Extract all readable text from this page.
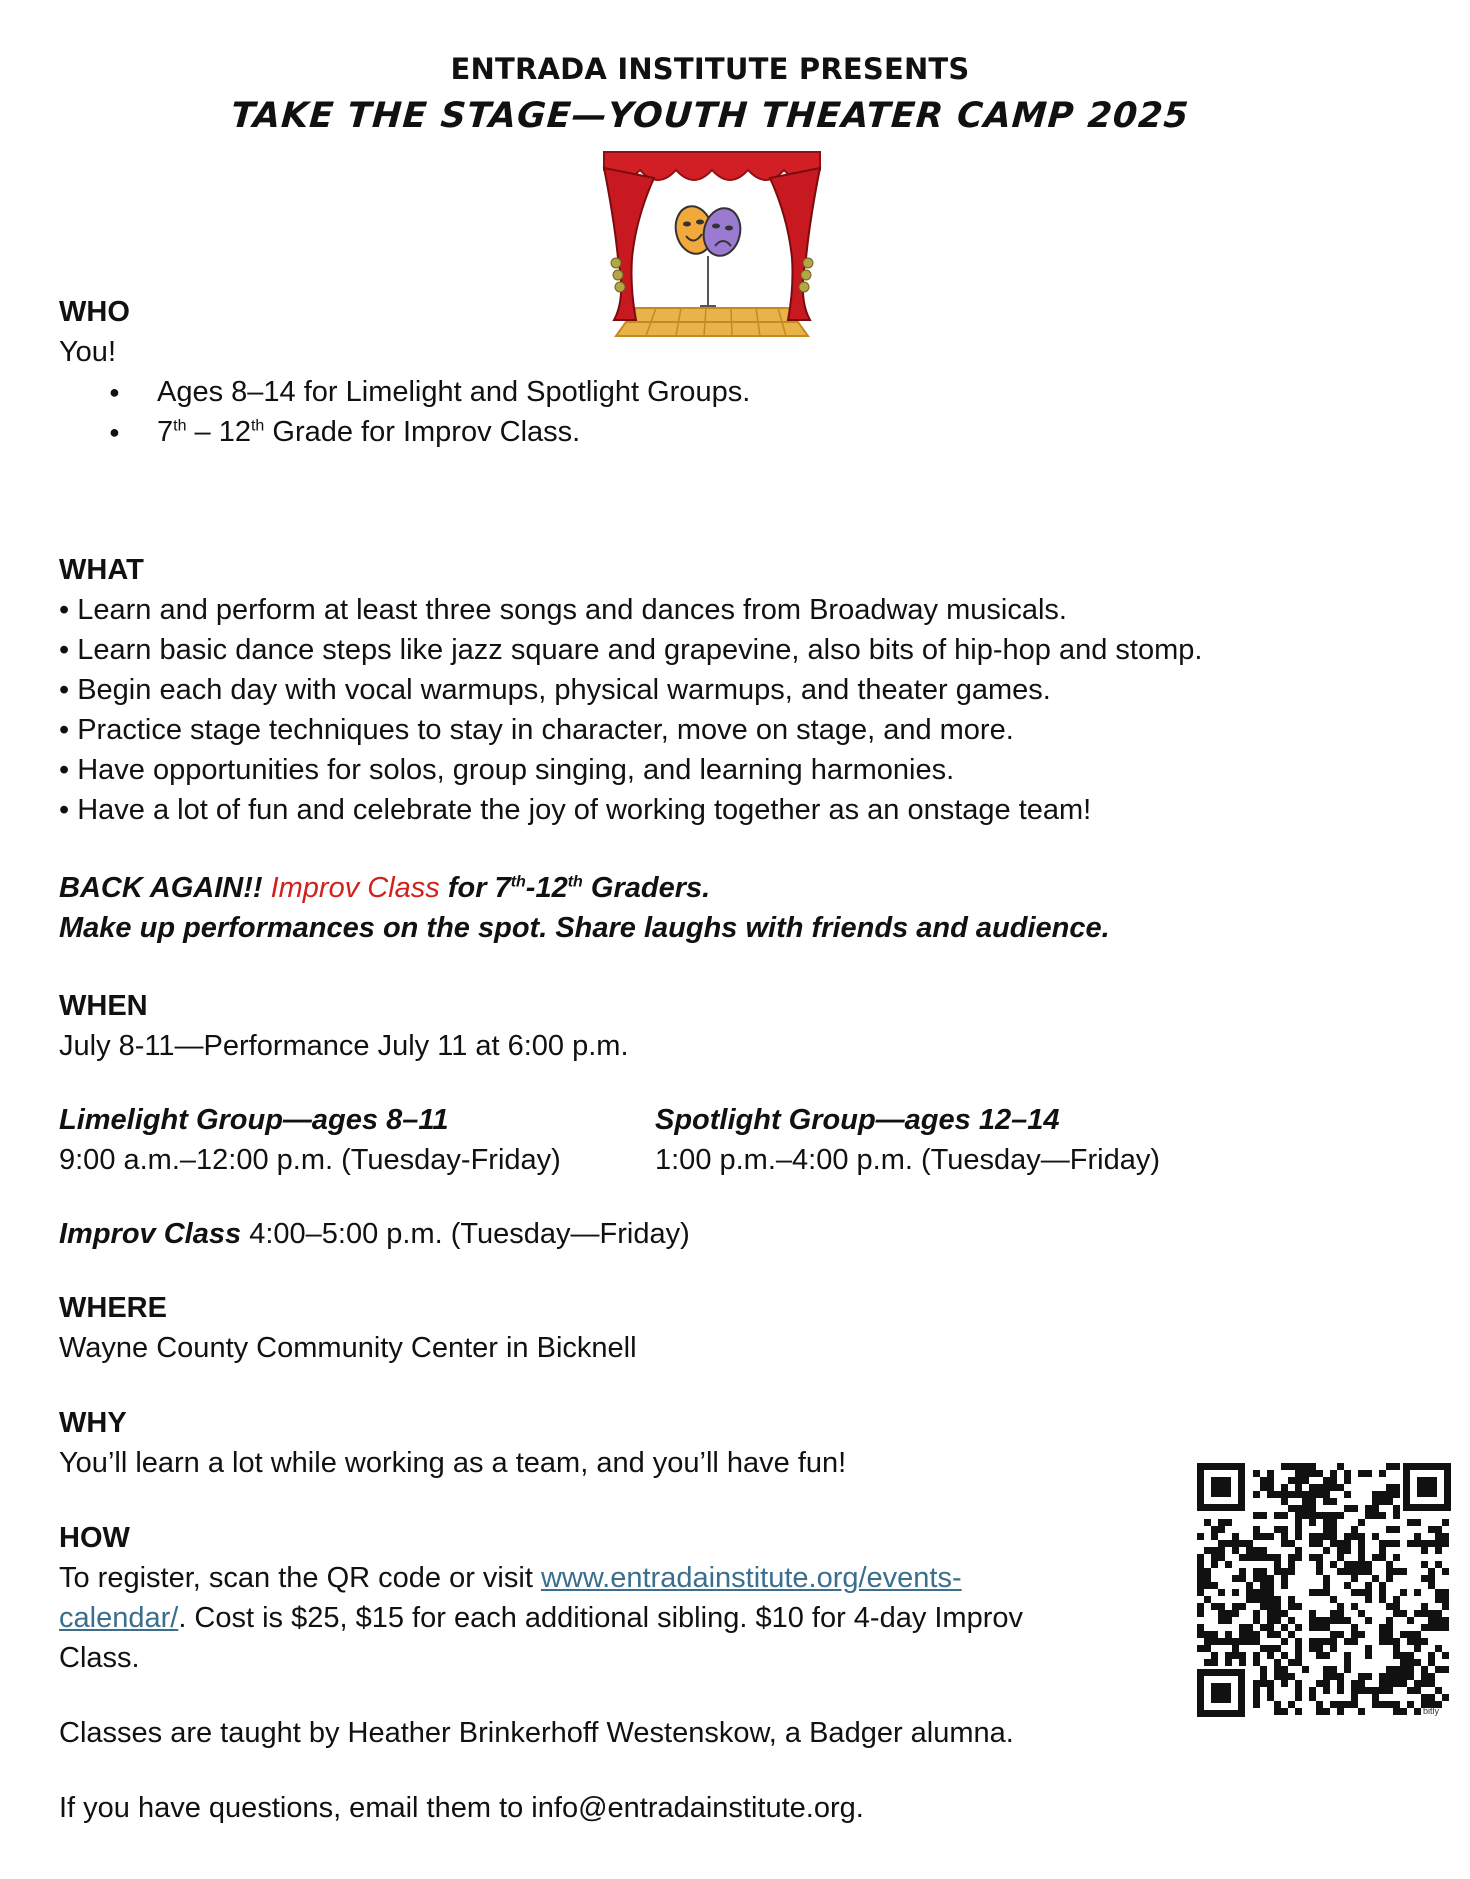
ENTRADA INSTITUTE PRESENTS
TAKE THE STAGE—YOUTH THEATER CAMP 2025
WHO
You!
● Ages 8–14 for Limelight and Spotlight Groups.
● 7th – 12th Grade for Improv Class.
WHAT
• Learn and perform at least three songs and dances from Broadway musicals.
• Learn basic dance steps like jazz square and grapevine, also bits of hip-hop and stomp.
• Begin each day with vocal warmups, physical warmups, and theater games.
• Practice stage techniques to stay in character, move on stage, and more.
• Have opportunities for solos, group singing, and learning harmonies.
• Have a lot of fun and celebrate the joy of working together as an onstage team!
BACK AGAIN!! Improv Class for 7th-12th Graders.
Make up performances on the spot. Share laughs with friends and audience.
WHEN
July 8-11—Performance July 11 at 6:00 p.m.
Limelight Group—ages 8–11
9:00 a.m.–12:00 p.m. (Tuesday-Friday)
Spotlight Group—ages 12–14
1:00 p.m.–4:00 p.m. (Tuesday—Friday)
Improv Class 4:00–5:00 p.m. (Tuesday—Friday)
WHERE
Wayne County Community Center in Bicknell
WHY
You’ll learn a lot while working as a team, and you’ll have fun!
HOW
To register, scan the QR code or visit www.entradainstitute.org/events-
calendar/. Cost is $25, $15 for each additional sibling. $10 for 4-day Improv
Class.
Classes are taught by Heather Brinkerhoff Westenskow, a Badger alumna.
If you have questions, email them to info@entradainstitute.org.
bitly
